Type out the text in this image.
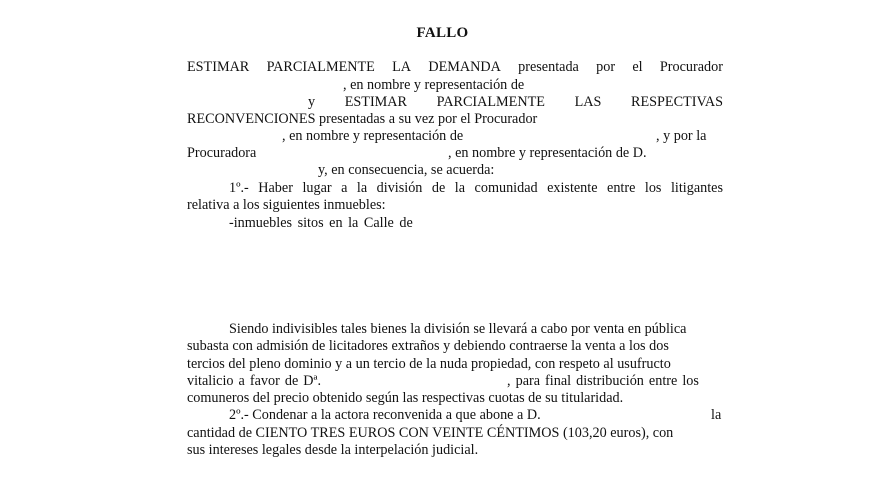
FALLO
ESTIMAR PARCIALMENTE LA DEMANDA presentada por el Procurador
, en nombre y representación de
y ESTIMAR PARCIALMENTE LAS RESPECTIVAS
RECONVENCIONES presentadas a su vez por el Procurador
, en nombre y representación de	, y por la
Procuradora	, en nombre y representación de D.
y, en consecuencia, se acuerda:
1º.- Haber lugar a la división de la comunidad existente entre los litigantes
relativa a los siguientes inmuebles:
-inmuebles sitos en la Calle de
Siendo indivisibles tales bienes la división se llevará a cabo por venta en pública
subasta con admisión de licitadores extraños y debiendo contraerse la venta a los dos
tercios del pleno dominio y a un tercio de la nuda propiedad, con respeto al usufructo
vitalicio a favor de Dª.	, para final distribución entre los
comuneros del precio obtenido según las respectivas cuotas de su titularidad.
2º.- Condenar a la actora reconvenida a que abone a D.	la
cantidad de CIENTO TRES EUROS CON VEINTE CÉNTIMOS (103,20 euros), con
sus intereses legales desde la interpelación judicial.
